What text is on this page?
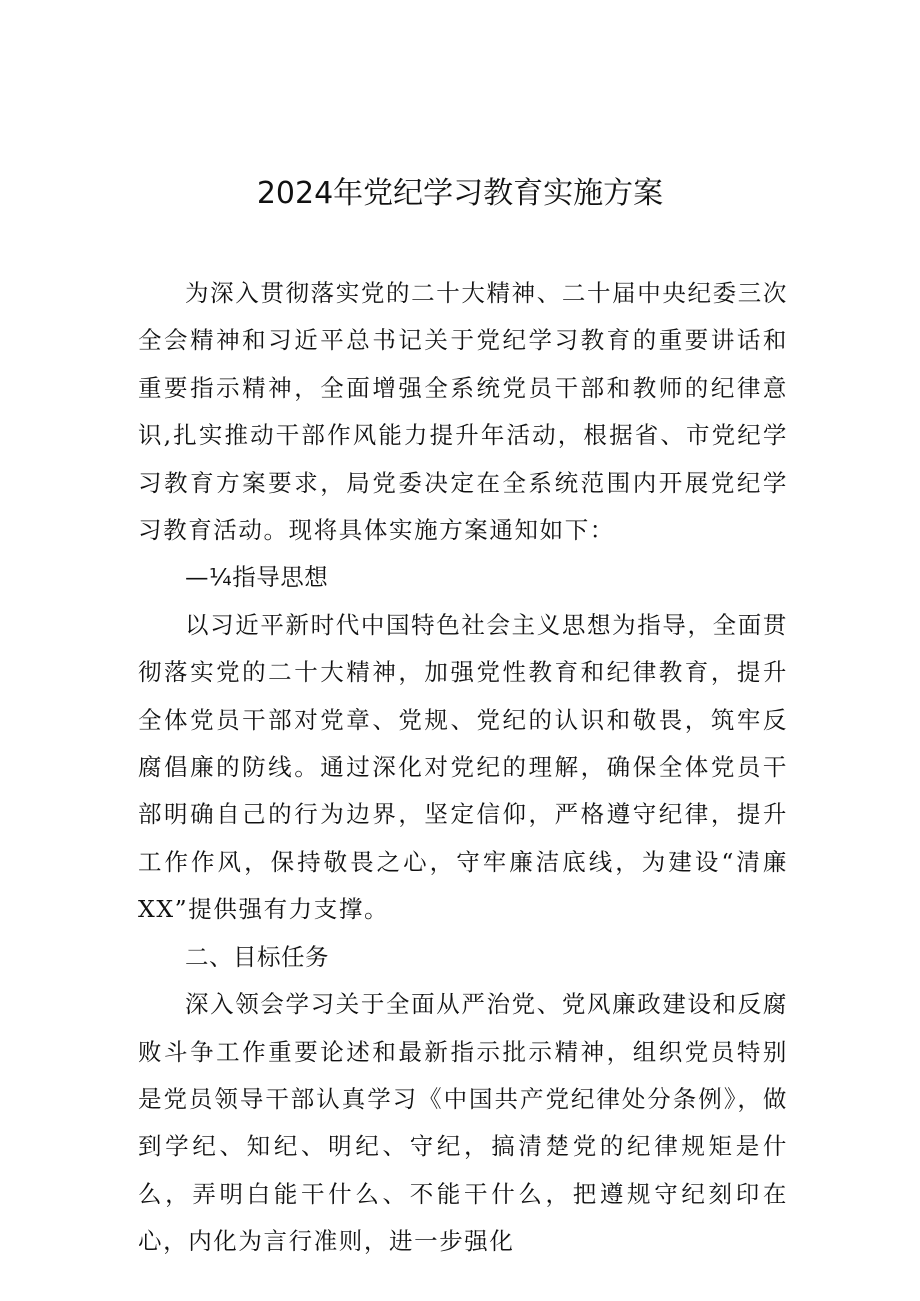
2024年党纪学习教育实施方案

为深入贯彻落实党的二十大精神、二十届中央纪委三次全会精神和习近平总书记关于党纪学习教育的重要讲话和重要指示精神，全面增强全系统党员干部和教师的纪律意识,扎实推动干部作风能力提升年活动，根据省、市党纪学习教育方案要求，局党委决定在全系统范围内开展党纪学习教育活动。现将具体实施方案通知如下：

—¼指导思想

以习近平新时代中国特色社会主义思想为指导，全面贯彻落实党的二十大精神，加强党性教育和纪律教育，提升全体党员干部对党章、党规、党纪的认识和敬畏，筑牢反腐倡廉的防线。通过深化对党纪的理解，确保全体党员干部明确自己的行为边界，坚定信仰，严格遵守纪律，提升工作作风，保持敬畏之心，守牢廉洁底线，为建设“清廉XX”提供强有力支撑。

二、目标任务

深入领会学习关于全面从严治党、党风廉政建设和反腐败斗争工作重要论述和最新指示批示精神，组织党员特别是党员领导干部认真学习《中国共产党纪律处分条例》，做到学纪、知纪、明纪、守纪，搞清楚党的纪律规矩是什么，弄明白能干什么、不能干什么，把遵规守纪刻印在心，内化为言行准则，进一步强化
